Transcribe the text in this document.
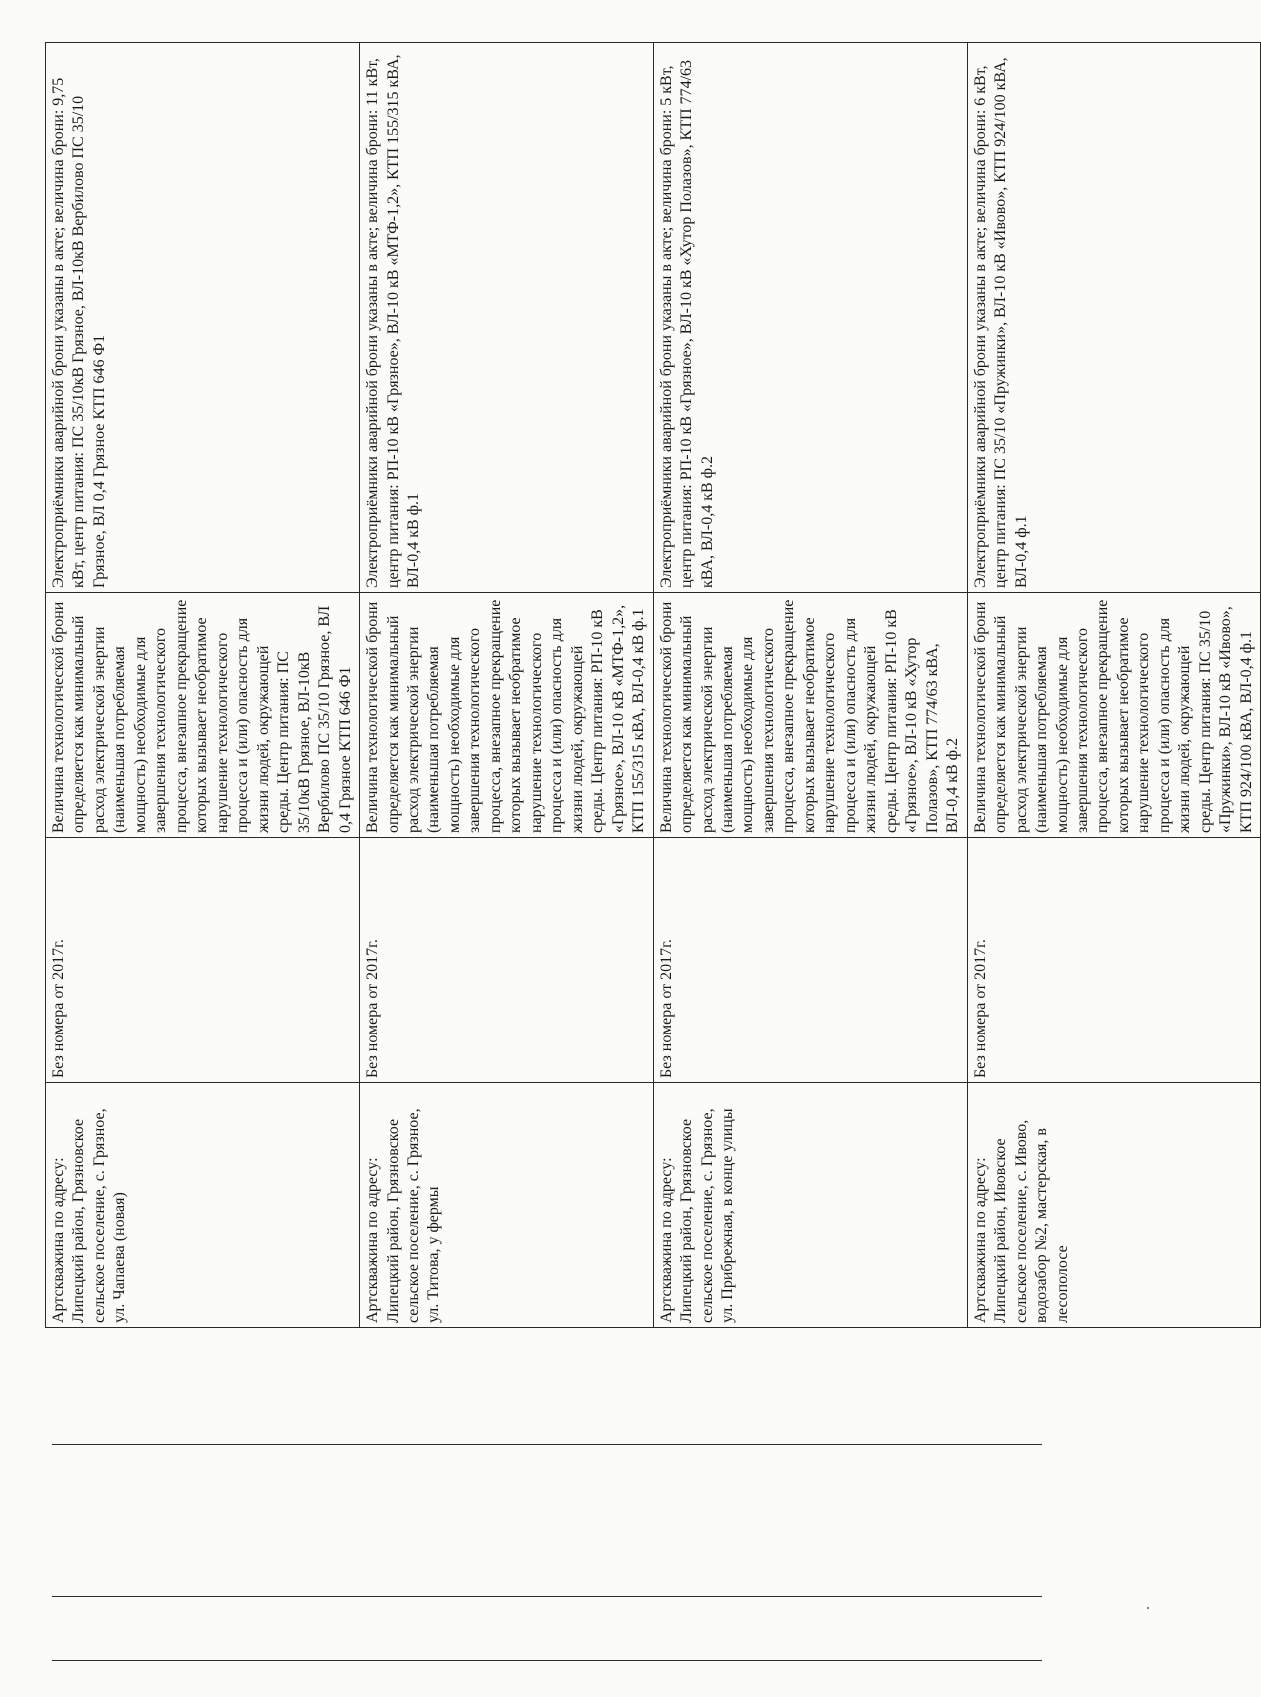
Артскважина по адресу: Липецкий район, Грязновское сельское поселение, с. Грязное, ул. Чапаева (новая)	Без номера от 2017г.	Величина технологической брони определяется как минимальный расход электрической энергии (наименьшая потребляемая мощность) необходимые для завершения технологического процесса, внезапное прекращение которых вызывает необратимое нарушение технологического процесса и (или) опасность для жизни людей, окружающей среды. Центр питания: ПС 35/10кВ Грязное, ВЛ-10кВ Вербилово ПС 35/10 Грязное, ВЛ 0,4 Грязное КТП 646 Ф1	Электроприёмники аварийной брони указаны в акте; величина брони: 9,75 кВт, центр питания: ПС 35/10кВ Грязное, ВЛ-10кВ Вербилово ПС 35/10 Грязное, ВЛ 0,4 Грязное КТП 646 Ф1
Артскважина по адресу: Липецкий район, Грязновское сельское поселение, с. Грязное, ул. Титова, у фермы	Без номера от 2017г.	Величина технологической брони определяется как минимальный расход электрической энергии (наименьшая потребляемая мощность) необходимые для завершения технологического процесса, внезапное прекращение которых вызывает необратимое нарушение технологического процесса и (или) опасность для жизни людей, окружающей среды. Центр питания: РП-10 кВ «Грязное», ВЛ-10 кВ «МТФ-1,2», КТП 155/315 кВА, ВЛ-0,4 кВ ф.1	Электроприёмники аварийной брони указаны в акте; величина брони: 11 кВт, центр питания: РП-10 кВ «Грязное», ВЛ-10 кВ «МТФ-1,2», КТП 155/315 кВА, ВЛ-0,4 кВ ф.1
Артскважина по адресу: Липецкий район, Грязновское сельское поселение, с. Грязное, ул. Прибрежная, в конце улицы	Без номера от 2017г.	Величина технологической брони определяется как минимальный расход электрической энергии (наименьшая потребляемая мощность) необходимые для завершения технологического процесса, внезапное прекращение которых вызывает необратимое нарушение технологического процесса и (или) опасность для жизни людей, окружающей среды. Центр питания: РП-10 кВ «Грязное», ВЛ-10 кВ «Хутор Полазов», КТП 774/63 кВА, ВЛ-0,4 кВ ф.2	Электроприёмники аварийной брони указаны в акте; величина брони: 5 кВт, центр питания: РП-10 кВ «Грязное», ВЛ-10 кВ «Хутор Полазов», КТП 774/63 кВА, ВЛ-0,4 кВ ф.2
Артскважина по адресу: Липецкий район, Ивовское сельское поселение, с. Ивово, водозабор №2, мастерская, в лесополосе	Без номера от 2017г.	Величина технологической брони определяется как минимальный расход электрической энергии (наименьшая потребляемая мощность) необходимые для завершения технологического процесса, внезапное прекращение которых вызывает необратимое нарушение технологического процесса и (или) опасность для жизни людей, окружающей среды. Центр питания: ПС 35/10 «Пружинки», ВЛ-10 кВ «Ивово», КТП 924/100 кВА, ВЛ-0,4 ф.1	Электроприёмники аварийной брони указаны в акте; величина брони: 6 кВт, центр питания: ПС 35/10 «Пружинки», ВЛ-10 кВ «Ивово», КТП 924/100 кВА, ВЛ-0,4 ф.1
